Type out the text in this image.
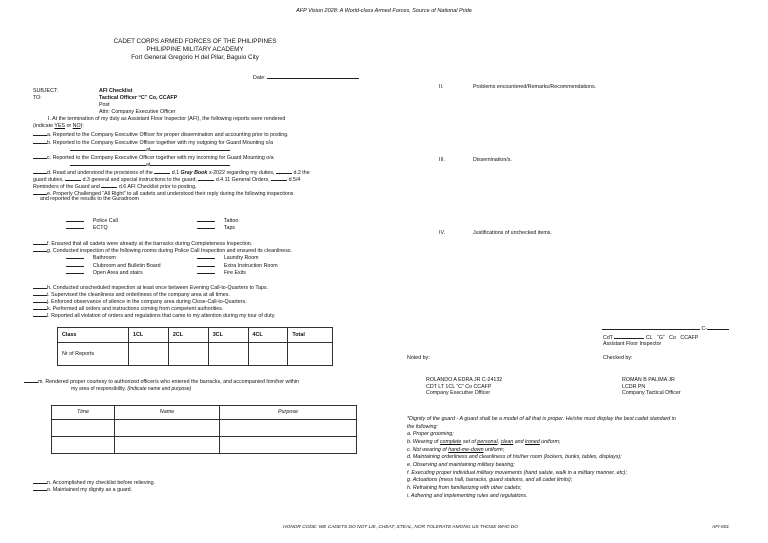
AFP Vision 2028: A World-class Armed Forces, Source of National Pride
CADET CORPS ARMED FORCES OF THE PHILIPPINES
PHILIPPINE MILITARY ACADEMY
Fort General Gregorio H del Pilar, Baguio City
Date:
SUBJECT:	AFI Checklist
TO:	Tactical Officer “C” Co, CCAFP
Post
Attn: Company Executive Officer
I. At the termination of my duty as Assistant Floor Inspector (AFI), the following reports were rendered
(indicate YES or NO):
a. Reported to the Company Executive Officer for proper dissemination and accounting prior to posting.
b. Reported to the Company Executive Officer together with my outgoing for Guard Mounting o/a
at
c. Reported to the Company Executive Officer together with my incoming for Guard Mounting o/a
at
d. Read and understood the provisions of the	d.1 Gray Book s-2022 regarding my duties,	d.2 the
guard duties,	d.3 general and special instructions to the guard,	d.4 11 General Orders,	d.5/4
Reminders of the Guard and	d.6 AFI Checklist prior to posting.
e. Properly Challenged “All Right” to all cadets and understood their reply during the following inspections
and reported the results to the Guradroom
Police Call
ECTQ
Tattoo
Taps
f. Ensured that all cadets were already at the barracks during Completeness Inspection.
g. Conducted inspection of the following rooms during Police Call Inspection and ensured its cleanliness.
Bathroom
Clubroom and Bulletin Board
Open Area and stairs
Laundry Room
Extra Instruction Room
Fire Exits
h. Conducted unscheduled inspection at least once between Evening Call-to-Quarters to Taps.
i. Supervised the cleanliness and orderliness of the company area at all times.
j. Enforced observance of silence in the company area during Close-Call-to-Quarters.
k. Performed all orders and instructions coming from competent authorities.
l. Reported all violation of orders and regulations that came to my attention during my tour of duty.
Class	1CL	2CL	3CL	4CL	Total
Nr of Reports					
m. Rendered proper courtesy to authorized officer/s who entered the barracks, and accompanied him/her within
my area of responsibility. (Indicate name and purpose)
Time	Name	Purpose

n. Accomplished my checklist before relieving.
o. Maintained my dignity as a guard.
II.	Problems encountered/Remarks/Recommendations.
III.	Dissemination/s.
IV.	Justifications of unchecked items.
C-
CdT	CL “G” Co CCAFP
Assistant Floor Inspector
Noted by:	Checked by:
ROLANDO A EDRA JR C-24132
CDT LT 1CL “C” Co CCAFP
Company Executive Officer
ROMAN B PALIMA JR
LCDR PN
Company Tactical Officer
*Dignity of the guard - A guard shall be a model of all that is proper. He/she must display the best cadet standard in
the following:
a. Proper grooming;
b. Wearing of complete set of personal, clean and ironed uniform;
c. Not wearing of hand-me-down uniform;
d. Maintaining orderliness and cleanliness of his/her room (lockers, bunks, tables, displays);
e. Observing and maintaining military bearing;
f. Executing proper individual military movements (hand salute, walk in a military manner, etc);
g. Actuations (mess hall, barracks, guard stations, and all cadet limits);
h. Refraining from familiarizing with other cadets;
i. Adhering and implementing rules and regulations.
HONOR CODE: WE CADETS DO NOT LIE, CHEAT, STEAL, NOR TOLERATE AMONG US THOSE WHO DO	AFI-001
